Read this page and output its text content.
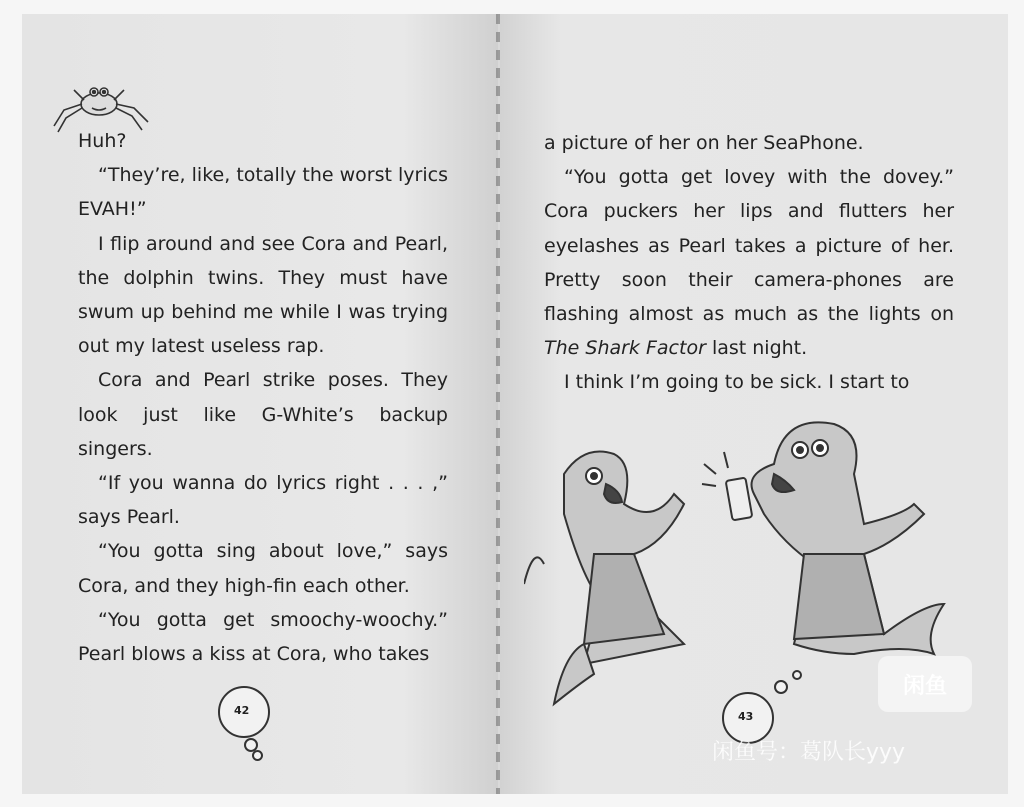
Huh?

“They’re, like, totally the worst lyrics EVAH!”

I flip around and see Cora and Pearl, the dolphin twins. They must have swum up behind me while I was trying out my latest useless rap.

Cora and Pearl strike poses. They look just like G-White’s backup singers.

“If you wanna do lyrics right . . . ,” says Pearl.

“You gotta sing about love,” says Cora, and they high-fin each other.

“You gotta get smoochy-woochy.” Pearl blows a kiss at Cora, who takes

42

a picture of her on her SeaPhone.

“You gotta get lovey with the dovey.” Cora puckers her lips and flutters her eyelashes as Pearl takes a picture of her. Pretty soon their camera-phones are flashing almost as much as the lights on The Shark Factor last night.

I think I’m going to be sick. I start to

43
闲鱼
闲鱼号：葛队长yyy
